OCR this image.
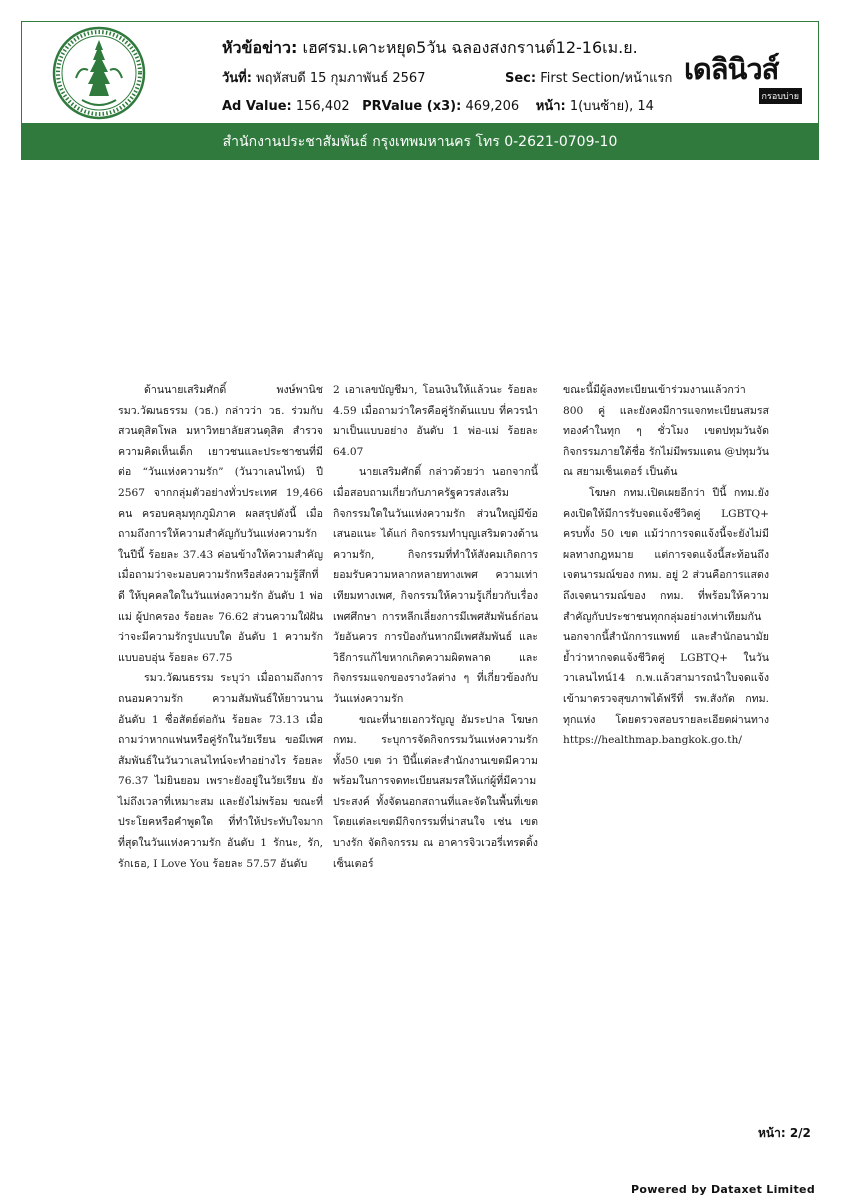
หัวข้อข่าว: เฮศรม.เคาะหยุด5วัน ฉลองสงกรานต์12-16เม.ย.
วันที่: พฤหัสบดี 15 กุมภาพันธ์ 2567	Sec: First Section/หน้าแรก
Ad Value: 156,402 PRValue (x3): 469,206 หน้า: 1(บนซ้าย), 14
เดลินิวส์
กรอบบ่าย
สำนักงานประชาสัมพันธ์ กรุงเทพมหานคร โทร 0-2621-0709-10

ด้านนายเสริมศักดิ์ พงษ์พานิช รมว.วัฒนธรรม (วธ.) กล่าวว่า วธ. ร่วมกับสวนดุสิตโพล มหาวิทยาลัยสวนดุสิต สำรวจความคิดเห็นเด็ก เยาวชนและประชาชนที่มีต่อ “วันแห่งความรัก” (วันวาเลนไทน์) ปี 2567 จากกลุ่มตัวอย่างทั่วประเทศ 19,466 คน ครอบคลุมทุกภูมิภาค ผลสรุปดังนี้ เมื่อถามถึงการให้ความสำคัญกับวันแห่งความรักในปีนี้ ร้อยละ 37.43 ค่อนข้างให้ความสำคัญ เมื่อถามว่าจะมอบความรักหรือส่งความรู้สึกที่ดี ให้บุคคลใดในวันแห่งความรัก อันดับ 1 พ่อ แม่ ผู้ปกครอง ร้อยละ 76.62 ส่วนความใฝ่ฝันว่าจะมีความรักรูปแบบใด อันดับ 1 ความรักแบบอบอุ่น ร้อยละ 67.75

รมว.วัฒนธรรม ระบุว่า เมื่อถามถึงการถนอมความรัก ความสัมพันธ์ให้ยาวนาน อันดับ 1 ซื่อสัตย์ต่อกัน ร้อยละ 73.13 เมื่อถามว่าหากแฟนหรือคู่รักในวัยเรียน ขอมีเพศสัมพันธ์ในวันวาเลนไทน์จะทำอย่างไร ร้อยละ 76.37 ไม่ยินยอม เพราะยังอยู่ในวัยเรียน ยังไม่ถึงเวลาที่เหมาะสม และยังไม่พร้อม ขณะที่ประโยคหรือคำพูดใด ที่ทำให้ประทับใจมากที่สุดในวันแห่งความรัก อันดับ 1 รักนะ, รัก, รักเธอ, I Love You ร้อยละ 57.57 อันดับ

2 เอาเลขบัญชีมา, โอนเงินให้แล้วนะ ร้อยละ 4.59 เมื่อถามว่าใครคือคู่รักต้นแบบ ที่ควรนำมาเป็นแบบอย่าง อันดับ 1 พ่อ-แม่ ร้อยละ 64.07

นายเสริมศักดิ์ กล่าวด้วยว่า นอกจากนี้เมื่อสอบถามเกี่ยวกับภาครัฐควรส่งเสริมกิจกรรมใดในวันแห่งความรัก ส่วนใหญ่มีข้อเสนอแนะ ได้แก่ กิจกรรมทำบุญเสริมดวงด้านความรัก, กิจกรรมที่ทำให้สังคมเกิดการยอมรับความหลากหลายทางเพศ ความเท่าเทียมทางเพศ, กิจกรรมให้ความรู้เกี่ยวกับเรื่องเพศศึกษา การหลีกเลี่ยงการมีเพศสัมพันธ์ก่อนวัยอันควร การป้องกันหากมีเพศสัมพันธ์ และวิธีการแก้ไขหากเกิดความผิดพลาด และกิจกรรมแจกของรางวัลต่าง ๆ ที่เกี่ยวข้องกับวันแห่งความรัก

ขณะที่นายเอกวรัญญู อัมระปาล โฆษก กทม. ระบุการจัดกิจกรรมวันแห่งความรักทั้ง50 เขต ว่า ปีนี้แต่ละสำนักงานเขตมีความพร้อมในการจดทะเบียนสมรสให้แก่ผู้ที่มีความประสงค์ ทั้งจัดนอกสถานที่และจัดในพื้นที่เขต โดยแต่ละเขตมีกิจกรรมที่น่าสนใจ เช่น เขตบางรัก จัดกิจกรรม ณ อาคารจิวเวอรี่เทรดดิ้ง เซ็นเตอร์

ขณะนี้มีผู้ลงทะเบียนเข้าร่วมงานแล้วกว่า 800 คู่ และยังคงมีการแจกทะเบียนสมรสทองคำในทุก ๆ ชั่วโมง เขตปทุมวันจัดกิจกรรมภายใต้ชื่อ รักไม่มีพรมแดน @ปทุมวัน ณ สยามเซ็นเตอร์ เป็นต้น

โฆษก กทม.เปิดเผยอีกว่า ปีนี้ กทม.ยังคงเปิดให้มีการรับจดแจ้งชีวิตคู่ LGBTQ+ ครบทั้ง 50 เขต แม้ว่าการจดแจ้งนี้จะยังไม่มีผลทางกฎหมาย แต่การจดแจ้งนี้สะท้อนถึงเจตนารมณ์ของ กทม. อยู่ 2 ส่วนคือการแสดงถึงเจตนารมณ์ของ กทม. ที่พร้อมให้ความสำคัญกับประชาชนทุกกลุ่มอย่างเท่าเทียมกัน นอกจากนี้สำนักการแพทย์ และสำนักอนามัย ย้ำว่าหากจดแจ้งชีวิตคู่ LGBTQ+ ในวันวาเลนไทน์14 ก.พ.แล้วสามารถนำใบจดแจ้งเข้ามาตรวจสุขภาพได้ฟรีที่ รพ.สังกัด กทม. ทุกแห่ง โดยตรวจสอบรายละเอียดผ่านทาง https://healthmap.bangkok.go.th/

หน้า: 2/2
Powered by Dataxet Limited
